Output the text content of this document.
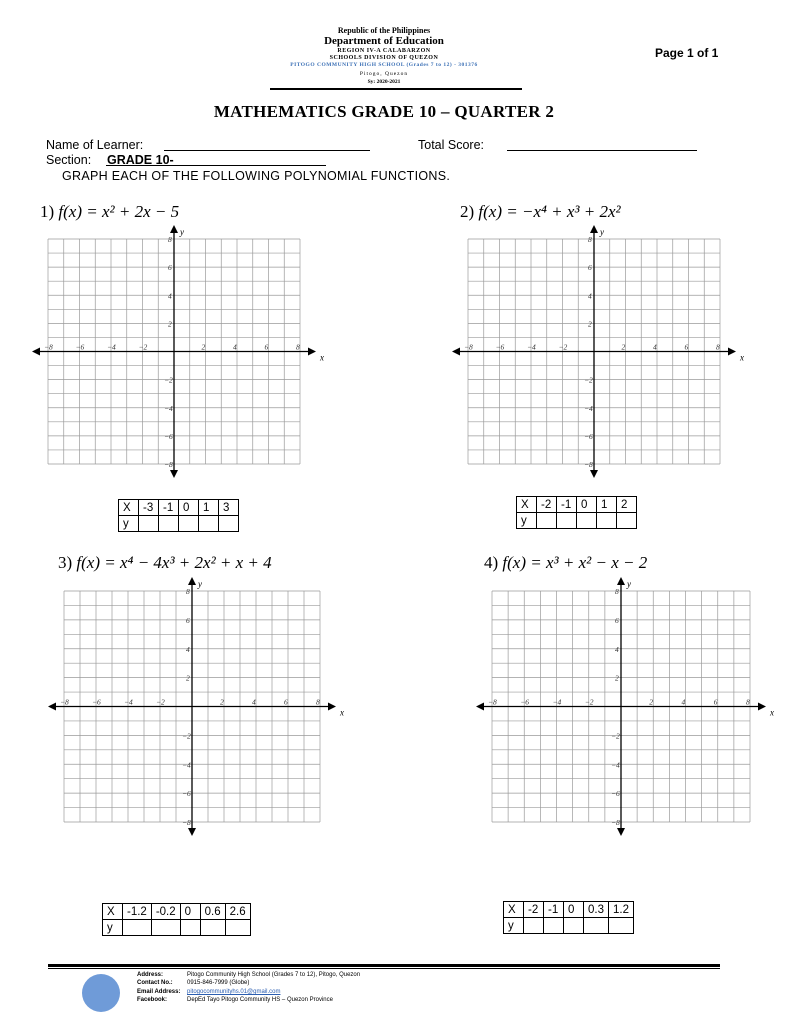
Republic of the Philippines
Department of Education
REGION IV-A CALABARZON
SCHOOLS DIVISION OF QUEZON
PITOGO COMMUNITY HIGH SCHOOL (Grades 7 to 12) - 301376
Pitogo, Quezon
Sy: 2020-2021
Page 1 of 1
MATHEMATICS GRADE 10 – QUARTER 2
Name of Learner:	Total Score:
Section: GRADE 10-
GRAPH EACH OF THE FOLLOWING POLYNOMIAL FUNCTIONS.
1) f(x) = x² + 2x − 5	2) f(x) = −x⁴ + x³ + 2x²
3) f(x) = x⁴ − 4x³ + 2x² + x + 4	4) f(x) = x³ + x² − x − 2
x
y
−8	−6	−4	−2	2	4	6	8
8
6
4
2
−2
−4
−6
−8
x
y
−8	−6	−4	−2	2	4	6	8
8
6
4
2
−2
−4
−6
−8
x
y
−8	−6	−4	−2	2	4	6	8
8
6
4
2
−2
−4
−6
−8
x
y
−8	−6	−4	−2	2	4	6	8
8
6
4
2
−2
−4
−6
−8
X	-3	-1	0	1	3
y					
X	-2	-1	0	1	2
y					
X	-1.2	-0.2	0	0.6	2.6
y					
X	-2	-1	0	0.3	1.2
y					
Address:	Pitogo Community High School (Grades 7 to 12), Pitogo, Quezon
Contact No.: 0915-846-7999 (Globe)
Email Address: pitogocommunityhs.01@gmail.com
Facebook:	DepEd Tayo Pitogo Community HS – Quezon Province
